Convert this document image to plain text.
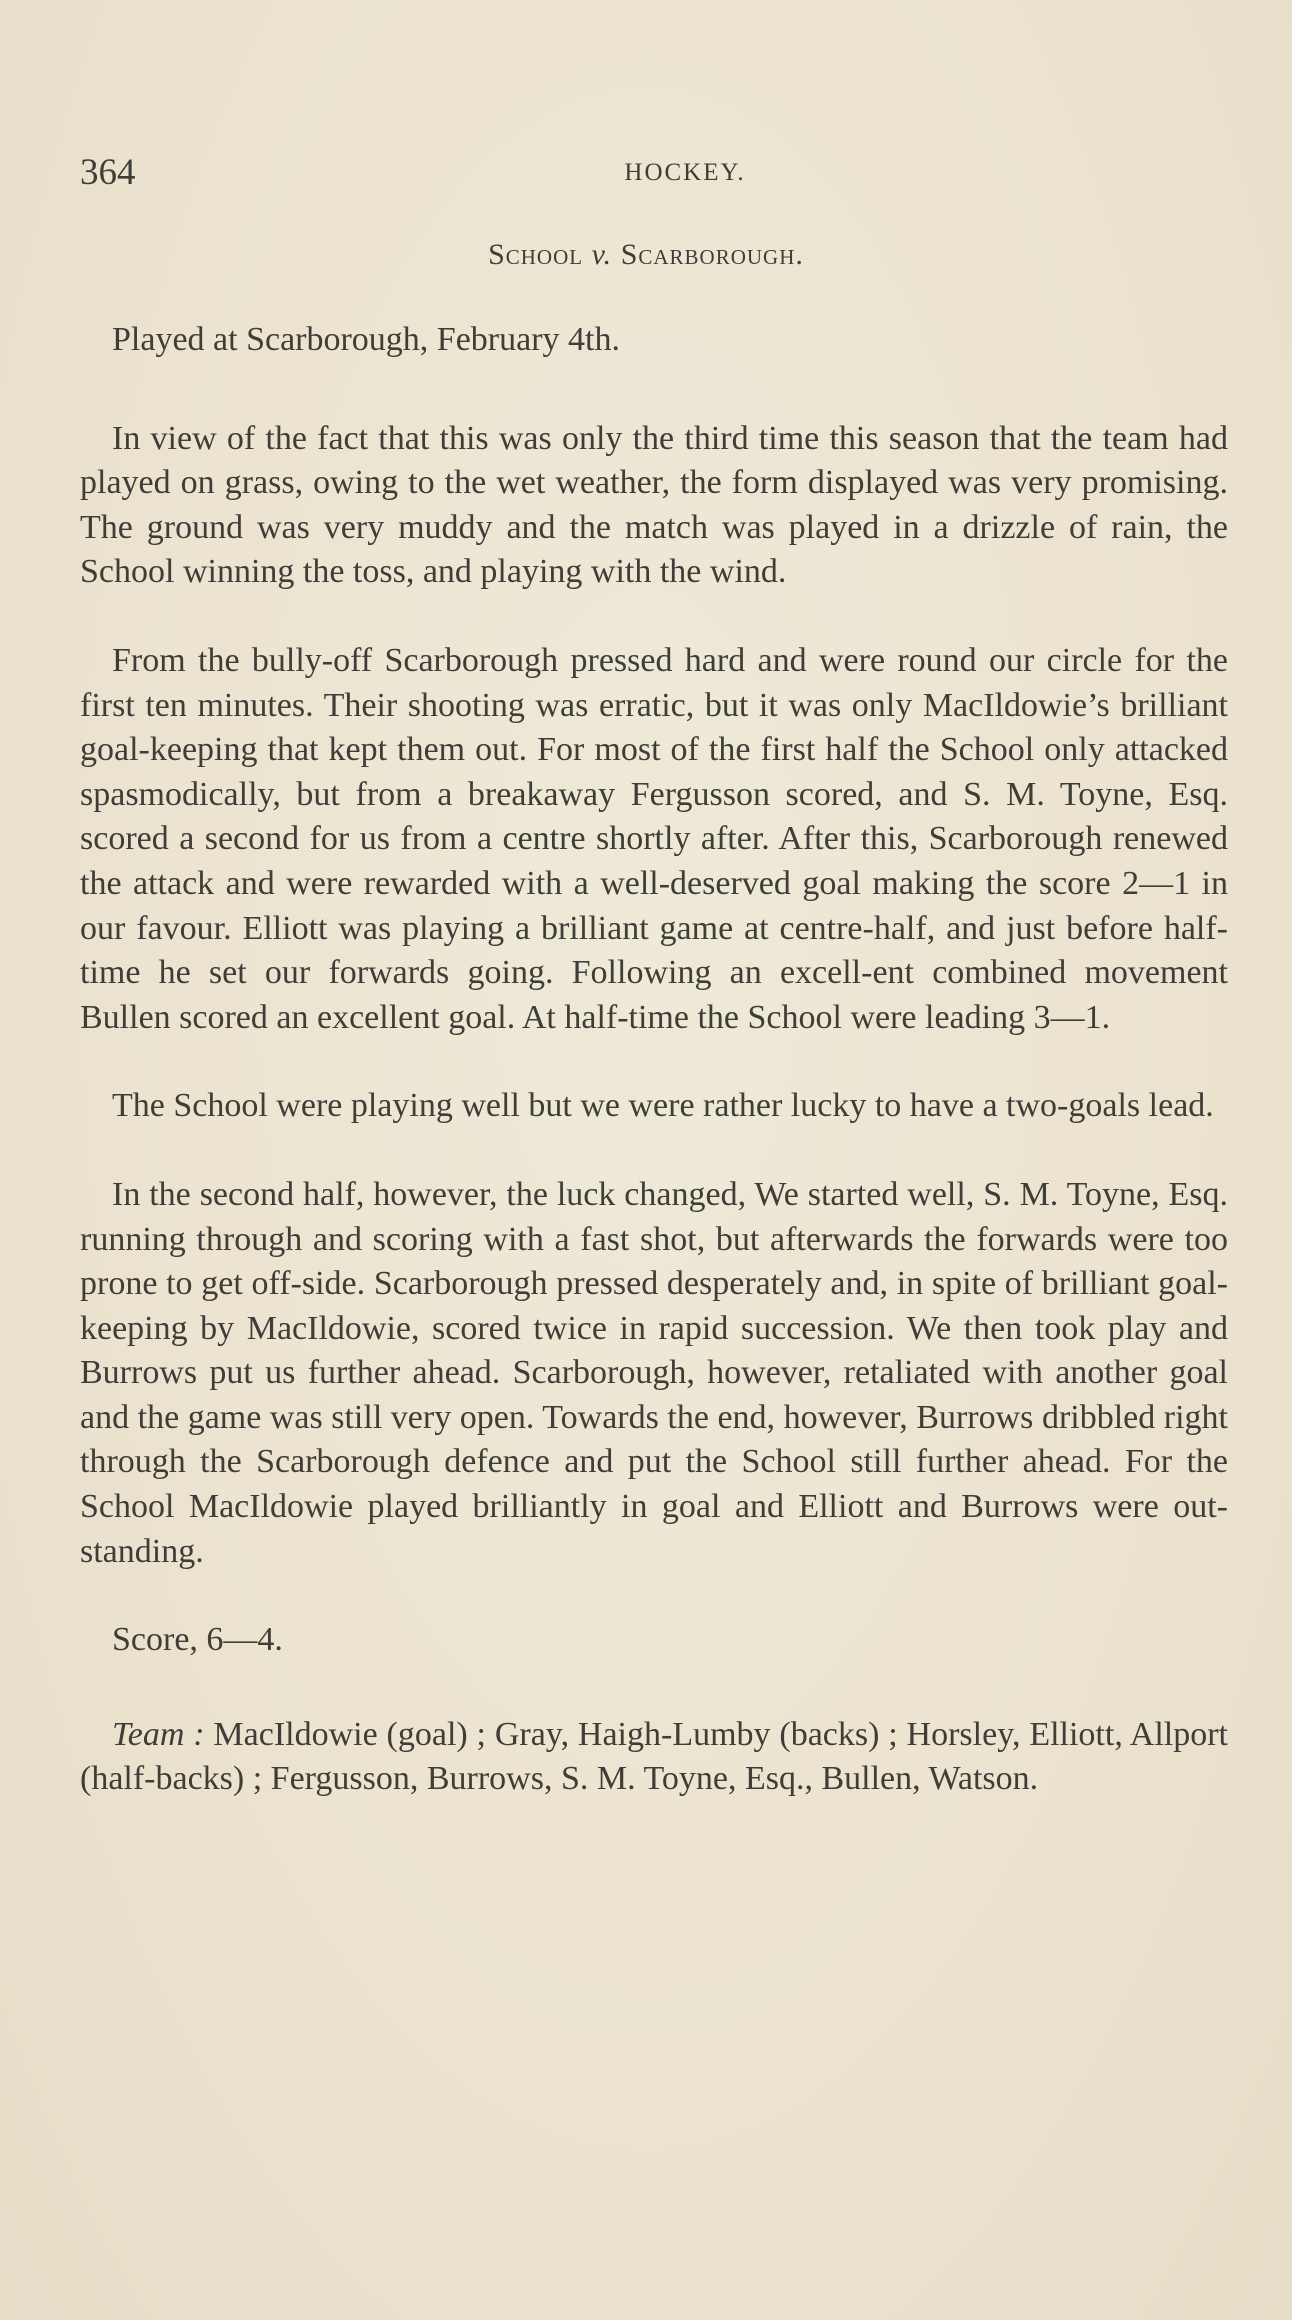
364	HOCKEY.
School v. Scarborough.

Played at Scarborough, February 4th.

In view of the fact that this was only the third time this season that the team had played on grass, owing to the wet weather, the form displayed was very promising. The ground was very muddy and the match was played in a drizzle of rain, the School winning the toss, and playing with the wind.

From the bully-off Scarborough pressed hard and were round our circle for the first ten minutes. Their shooting was erratic, but it was only MacIldowie’s brilliant goal-keeping that kept them out. For most of the first half the School only attacked spasmodically, but from a breakaway Fergusson scored, and S. M. Toyne, Esq. scored a second for us from a centre shortly after. After this, Scarborough renewed the attack and were rewarded with a well-deserved goal making the score 2—1 in our favour. Elliott was playing a brilliant game at centre-half, and just before half-time he set our forwards going. Following an excell-ent combined movement Bullen scored an excellent goal. At half-time the School were leading 3—1.

The School were playing well but we were rather lucky to have a two-goals lead.

In the second half, however, the luck changed, We started well, S. M. Toyne, Esq. running through and scoring with a fast shot, but afterwards the forwards were too prone to get off-side. Scarborough pressed desperately and, in spite of brilliant goal-keeping by MacIldowie, scored twice in rapid succession. We then took play and Burrows put us further ahead. Scarborough, however, retaliated with another goal and the game was still very open. Towards the end, however, Burrows dribbled right through the Scarborough defence and put the School still further ahead. For the School MacIldowie played brilliantly in goal and Elliott and Burrows were out-standing.

Score, 6—4.

Team : MacIldowie (goal) ; Gray, Haigh-Lumby (backs) ; Horsley, Elliott, Allport (half-backs) ; Fergusson, Burrows, S. M. Toyne, Esq., Bullen, Watson.
